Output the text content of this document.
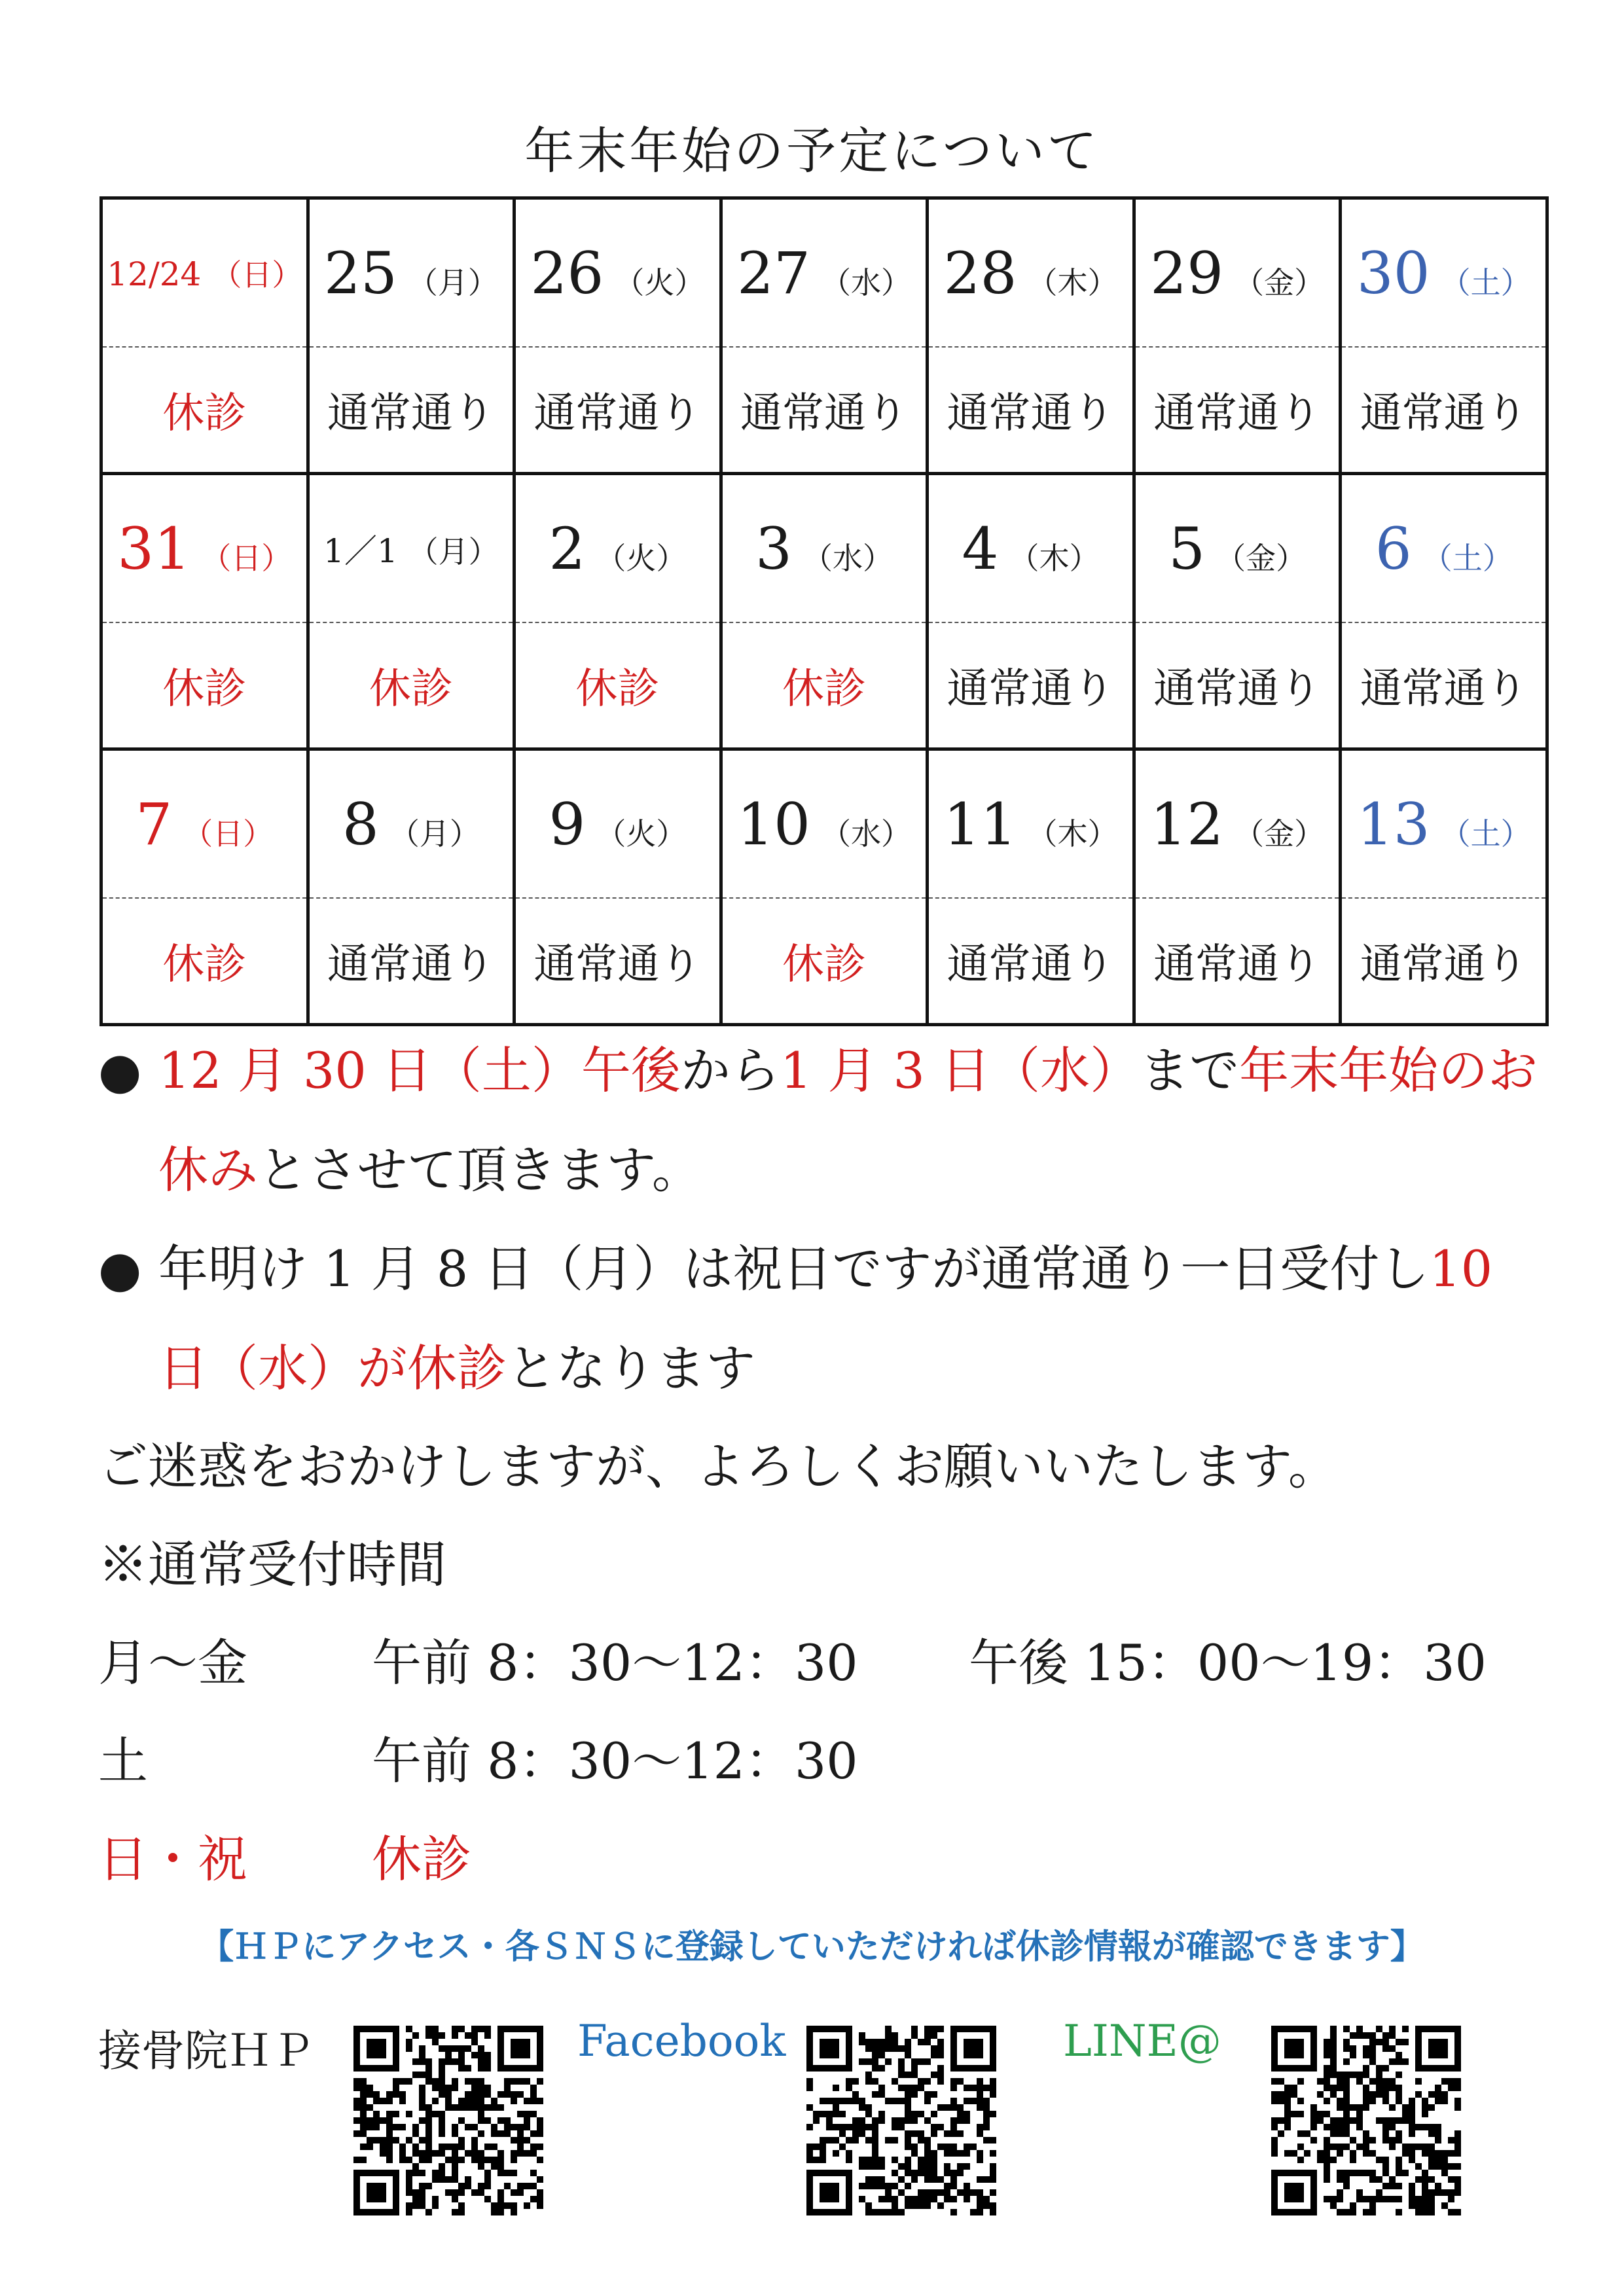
年末年始の予定について
12/24 （日）	25 （月）	26 （火）	27 （水）	28 （木）	29 （金）	30 （土）
休診	通常通り	通常通り	通常通り	通常通り	通常通り	通常通り
31 （日）	1／1 （月）	2 （火）	3 （水）	4 （木）	5 （金）	6 （土）
休診	休診	休診	休診	通常通り	通常通り	通常通り
7 （日）	8 （月）	9 （火）	10 （水）	11 （木）	12 （金）	13 （土）
休診	通常通り	通常通り	休診	通常通り	通常通り	通常通り
● 12 月 30 日（土）午後から1 月 3 日（水）まで年末年始のお休みとさせて頂きます。
● 年明け 1 月 8 日（月）は祝日ですが通常通り一日受付し10 日（水）が休診となります
ご迷惑をおかけしますが、よろしくお願いいたします。
※通常受付時間
月～金	午前 8：30～12：30 午後 15：00～19：30
土	午前 8：30～12：30
日・祝	休診
【ＨＰにアクセス・各ＳＮＳに登録していただければ休診情報が確認できます】
接骨院ＨＰ	Facebook	LINE@
